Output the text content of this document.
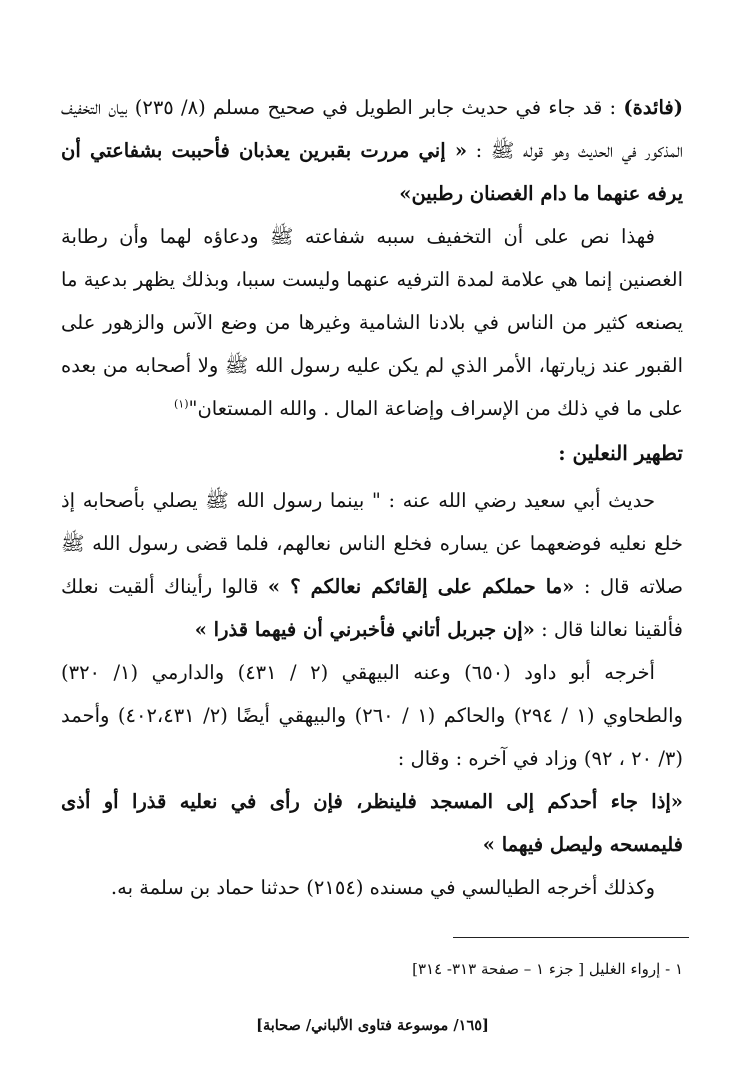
(فائدة) : قد جاء في حديث جابر الطويل في صحيح مسلم (٨/ ٢٣٥) بيان التخفيف المذكور في الحديث وهو قوله ﷺ : « إني مررت بقبرين يعذبان فأحببت بشفاعتي أن يرفه عنهما ما دام الغصنان رطبين»

فهذا نص على أن التخفيف سببه شفاعته ﷺ ودعاؤه لهما وأن رطابة الغصنين إنما هي علامة لمدة الترفيه عنهما وليست سببا، وبذلك يظهر بدعية ما يصنعه كثير من الناس في بلادنا الشامية وغيرها من وضع الآس والزهور على القبور عند زيارتها، الأمر الذي لم يكن عليه رسول الله ﷺ ولا أصحابه من بعده على ما في ذلك من الإسراف وإضاعة المال . والله المستعان"$^{(١)}$

تطهير النعلين :

حديث أبي سعيد رضي الله عنه : " بينما رسول الله ﷺ يصلي بأصحابه إذ خلع نعليه فوضعهما عن يساره فخلع الناس نعالهم، فلما قضى رسول الله ﷺ صلاته قال : «ما حملكم على إلقائكم نعالكم ؟ » قالوا رأيناك ألقيت نعلك فألقينا نعالنا قال : «إن جبربل أتاني فأخبرني أن فيهما قذرا »

أخرجه أبو داود (٦٥٠) وعنه البيهقي (٢ / ٤٣١) والدارمي (١/ ٣٢٠) والطحاوي (١ / ٢٩٤) والحاكم (١ / ٢٦٠) والبيهقي أيضًا (٢/ ٤٠٢،٤٣١) وأحمد (٣/ ٢٠ ، ٩٢) وزاد في آخره : وقال :

«إذا جاء أحدكم إلى المسجد فلينظر، فإن رأى في نعليه قذرا أو أذى فليمسحه وليصل فيهما »

وكذلك أخرجه الطيالسي في مسنده (٢١٥٤) حدثنا حماد بن سلمة به.

١ - إرواء الغليل [ جزء ١ – صفحة ٣١٣- ٣١٤]
[١٦٥/ موسوعة فتاوى الألباني/ صحابة]
